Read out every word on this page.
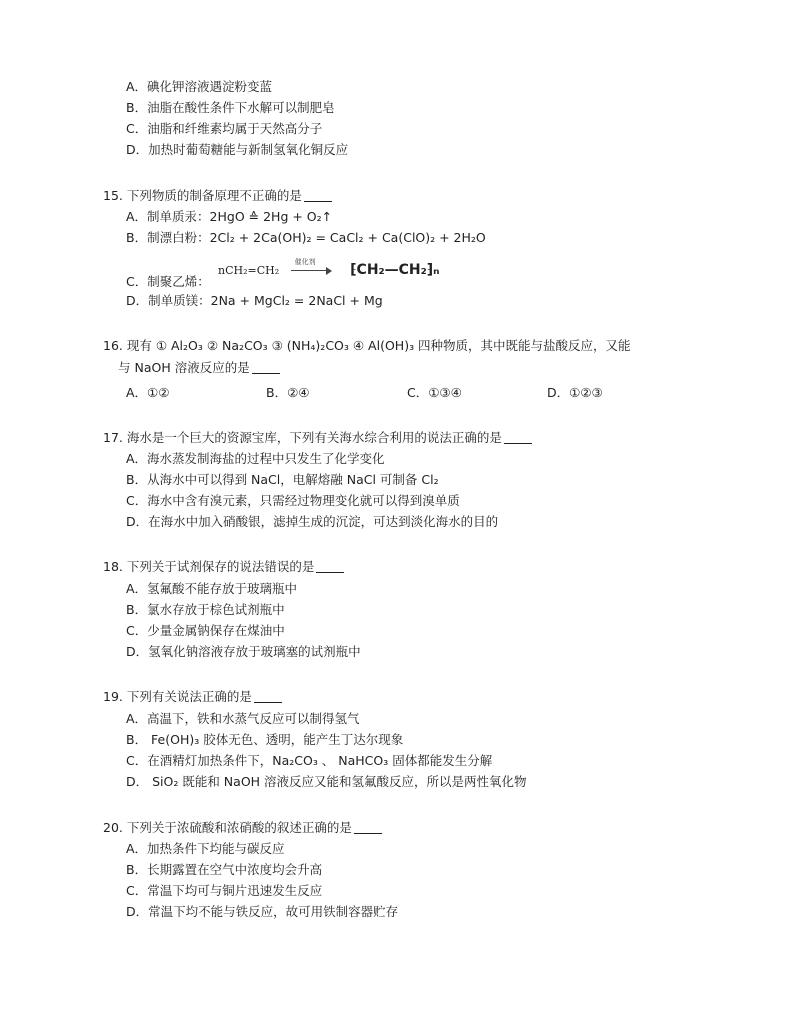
A．碘化钾溶液遇淀粉变蓝
B．油脂在酸性条件下水解可以制肥皂
C．油脂和纤维素均属于天然高分子
D．加热时葡萄糖能与新制氢氧化铜反应
15. 下列物质的制备原理不正确的是
A．制单质汞：2HgO ≙ 2Hg + O₂↑
B．制漂白粉：2Cl₂ + 2Ca(OH)₂ = CaCl₂ + Ca(ClO)₂ + 2H₂O
C．制聚乙烯：
nCH₂=CH₂
催化剂 ⁅CH₂—CH₂⁆ₙ
D．制单质镁：2Na + MgCl₂ = 2NaCl + Mg
16. 现有 ① Al₂O₃ ② Na₂CO₃ ③ (NH₄)₂CO₃ ④ Al(OH)₃ 四种物质，其中既能与盐酸反应，又能
与 NaOH 溶液反应的是
A．①②	B．②④	C．①③④	D．①②③
17. 海水是一个巨大的资源宝库，下列有关海水综合利用的说法正确的是
A．海水蒸发制海盐的过程中只发生了化学变化
B．从海水中可以得到 NaCl，电解熔融 NaCl 可制备 Cl₂
C．海水中含有溴元素，只需经过物理变化就可以得到溴单质
D．在海水中加入硝酸银，滤掉生成的沉淀，可达到淡化海水的目的
18. 下列关于试剂保存的说法错误的是
A．氢氟酸不能存放于玻璃瓶中
B．氯水存放于棕色试剂瓶中
C．少量金属钠保存在煤油中
D．氢氧化钠溶液存放于玻璃塞的试剂瓶中
19. 下列有关说法正确的是
A．高温下，铁和水蒸气反应可以制得氢气
B． Fe(OH)₃ 胶体无色、透明，能产生丁达尔现象
C．在酒精灯加热条件下，Na₂CO₃ 、 NaHCO₃ 固体都能发生分解
D． SiO₂ 既能和 NaOH 溶液反应又能和氢氟酸反应，所以是两性氧化物
20. 下列关于浓硫酸和浓硝酸的叙述正确的是
A．加热条件下均能与碳反应
B．长期露置在空气中浓度均会升高
C．常温下均可与铜片迅速发生反应
D．常温下均不能与铁反应，故可用铁制容器贮存
